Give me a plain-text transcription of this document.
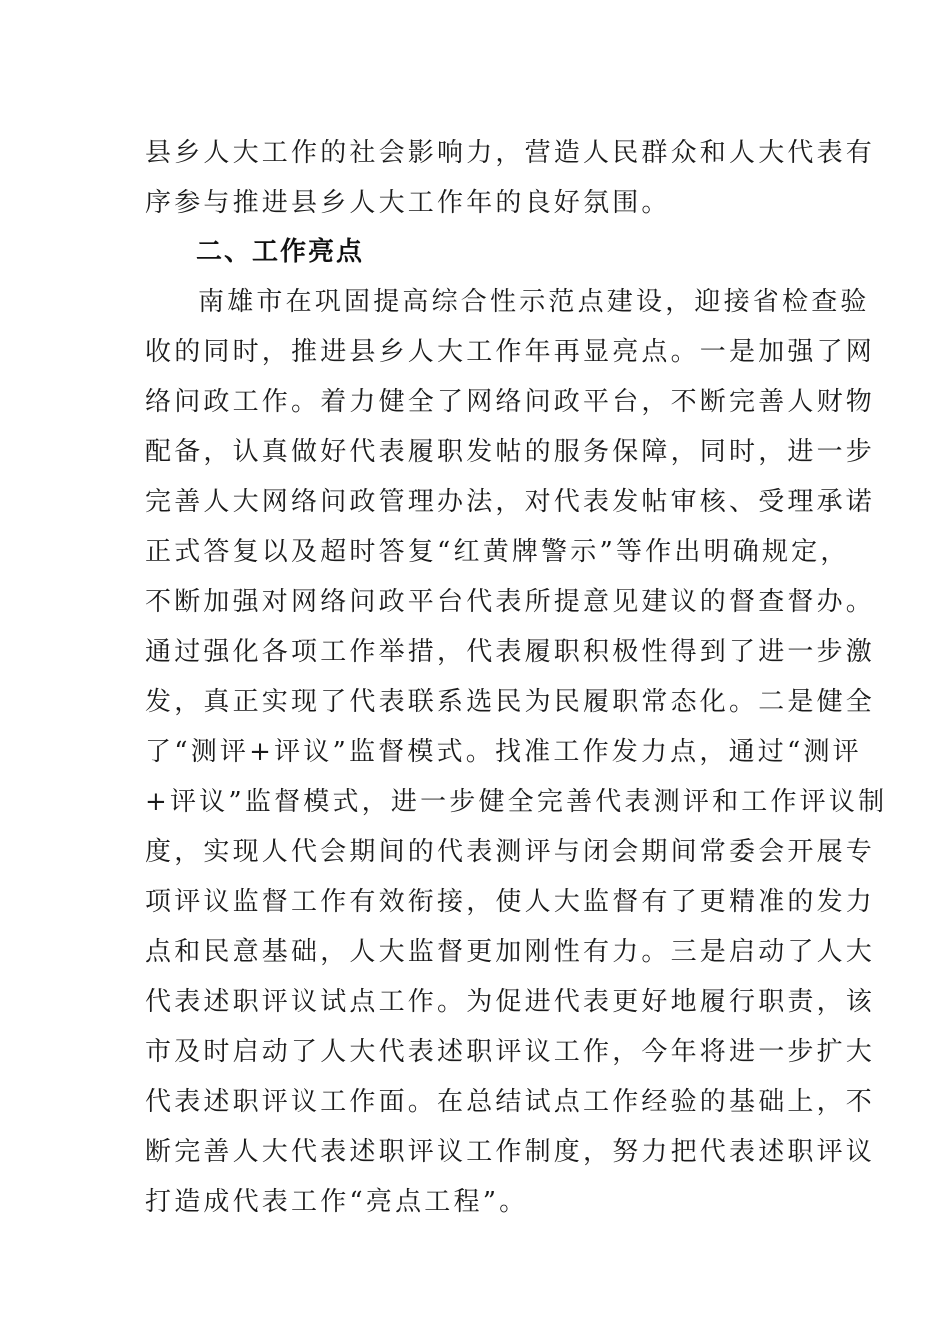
县乡人大工作的社会影响力，营造人民群众和人大代表有
序参与推进县乡人大工作年的良好氛围。
二、工作亮点
南雄市在巩固提高综合性示范点建设，迎接省检查验
收的同时，推进县乡人大工作年再显亮点。一是加强了网
络问政工作。着力健全了网络问政平台，不断完善人财物
配备，认真做好代表履职发帖的服务保障，同时，进一步
完善人大网络问政管理办法，对代表发帖审核、受理承诺
正式答复以及超时答复“红黄牌警示”等作出明确规定，
不断加强对网络问政平台代表所提意见建议的督查督办。
通过强化各项工作举措，代表履职积极性得到了进一步激
发，真正实现了代表联系选民为民履职常态化。二是健全
了“测评+评议”监督模式。找准工作发力点，通过“测评
+评议”监督模式，进一步健全完善代表测评和工作评议制
度，实现人代会期间的代表测评与闭会期间常委会开展专
项评议监督工作有效衔接，使人大监督有了更精准的发力
点和民意基础，人大监督更加刚性有力。三是启动了人大
代表述职评议试点工作。为促进代表更好地履行职责，该
市及时启动了人大代表述职评议工作，今年将进一步扩大
代表述职评议工作面。在总结试点工作经验的基础上，不
断完善人大代表述职评议工作制度，努力把代表述职评议
打造成代表工作“亮点工程”。
